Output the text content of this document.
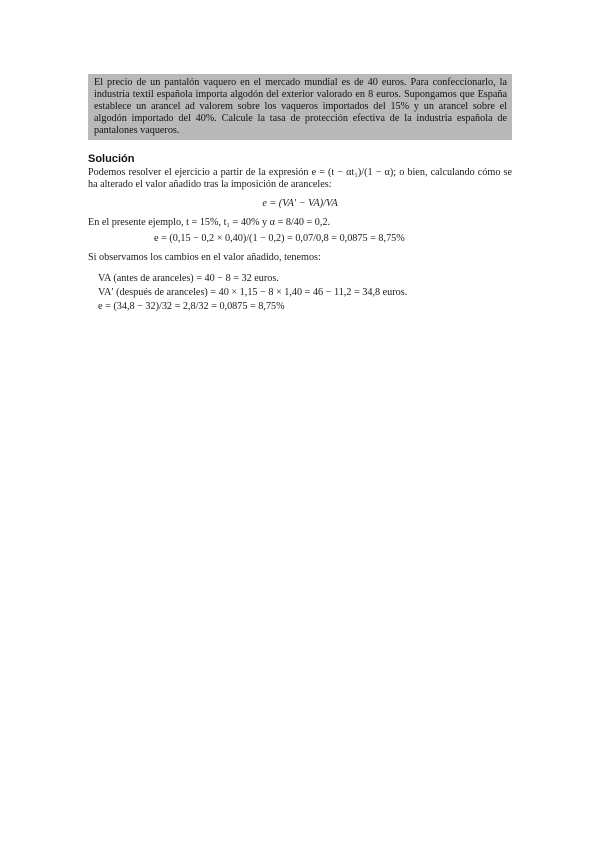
El precio de un pantalón vaquero en el mercado mundial es de 40 euros. Para confeccionarlo, la industria textil española importa algodón del exterior valorado en 8 euros. Supongamos que España establece un arancel ad valorem sobre los vaqueros importados del 15% y un arancel sobre el algodón importado del 40%. Calcule la tasa de protección efectiva de la industria española de pantalones vaqueros.
Solución

Podemos resolver el ejercicio a partir de la expresión e = (t − αt₁)/(1 − α); o bien, calculando cómo se ha alterado el valor añadido tras la imposición de aranceles:

e = (VA′ − VA)/VA
En el presente ejemplo, t = 15%, t₁ = 40% y α = 8/40 = 0,2.
e = (0,15 − 0,2 × 0,40)/(1 − 0,2) = 0,07/0,8 = 0,0875 = 8,75%

Si observamos los cambios en el valor añadido, tenemos:

VA (antes de aranceles) = 40 − 8 = 32 euros.
VA′ (después de aranceles) = 40 × 1,15 − 8 × 1,40 = 46 − 11,2 = 34,8 euros.
e = (34,8 − 32)/32 = 2,8/32 = 0,0875 = 8,75%
